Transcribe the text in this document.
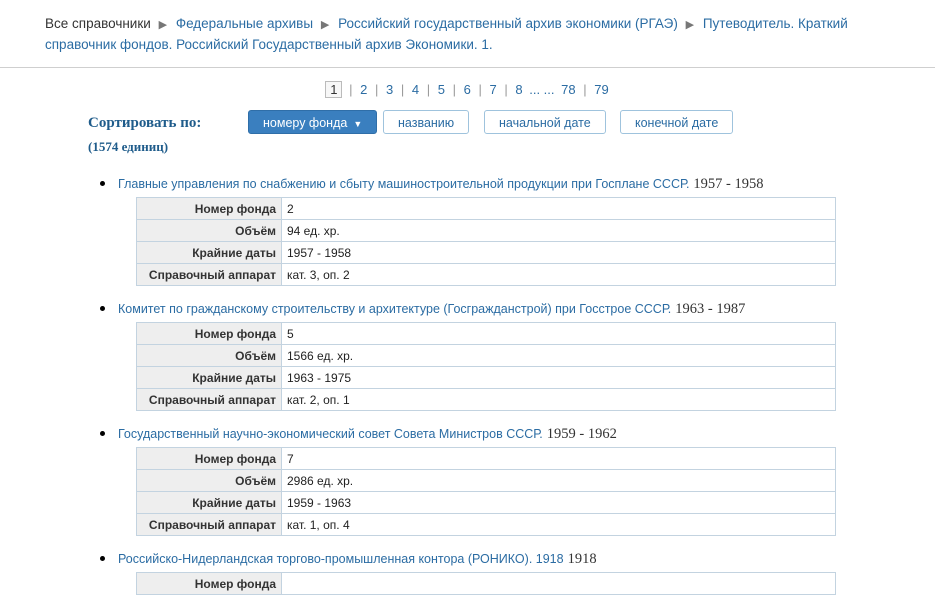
Все справочники ▶ Федеральные архивы ▶ Российский государственный архив экономики (РГАЭ) ▶ Путеводитель. Краткий справочник фондов. Российский Государственный архив Экономики. 1.
1 | 2 | 3 | 4 | 5 | 6 | 7 | 8 ... ... 78 | 79
Сортировать по:
(1574 единиц)
номеру фонда ▼	названию	начальной дате	конечной дате
Главные управления по снабжению и сбыту машиностроительной продукции при Госплане СССР. 1957 - 1958
Номер фонда	2
Объём	94 ед. хр.
Крайние даты	1957 - 1958
Справочный аппарат	кат. 3, оп. 2
Комитет по гражданскому строительству и архитектуре (Госгражданстрой) при Госстрое СССР. 1963 - 1987
Номер фонда	5
Объём	1566 ед. хр.
Крайние даты	1963 - 1975
Справочный аппарат	кат. 2, оп. 1
Государственный научно-экономический совет Совета Министров СССР. 1959 - 1962
Номер фонда	7
Объём	2986 ед. хр.
Крайние даты	1959 - 1963
Справочный аппарат	кат. 1, оп. 4
Российско-Нидерландская торгово-промышленная контора (РОНИКО). 1918 1918
Номер фонда	
